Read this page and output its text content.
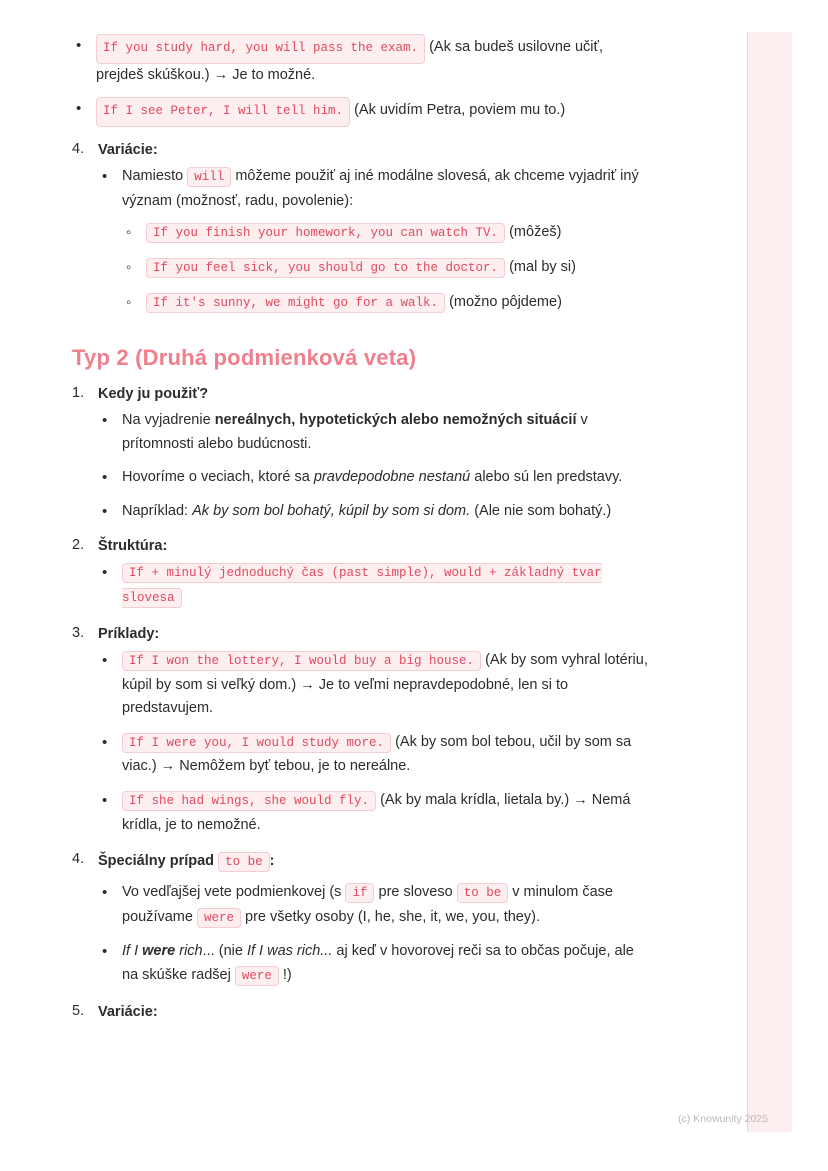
• If you study hard, you will pass the exam. (Ak sa budeš usilovne učiť, prejdeš skúškou.) → Je to možné.
• If I see Peter, I will tell him. (Ak uvidím Petra, poviem mu to.)
4. Variácie:
• Namiesto will môžeme použiť aj iné modálne slovesá, ak chceme vyjadriť iný význam (možnosť, radu, povolenie):
◦ If you finish your homework, you can watch TV. (môžeš)
◦ If you feel sick, you should go to the doctor. (mal by si)
◦ If it's sunny, we might go for a walk. (možno pôjdeme)
Typ 2 (Druhá podmienková veta)
1. Kedy ju použiť?
• Na vyjadrenie nereálnych, hypotetických alebo nemožných situácií v prítomnosti alebo budúcnosti.
• Hovoríme o veciach, ktoré sa pravdepodobne nestanú alebo sú len predstavy.
• Napríklad: Ak by som bol bohatý, kúpil by som si dom. (Ale nie som bohatý.)
2. Štruktúra:
• If + minulý jednoduchý čas (past simple), would + základný tvar slovesa
3. Príklady:
• If I won the lottery, I would buy a big house. (Ak by som vyhral lotériu, kúpil by som si veľký dom.) → Je to veľmi nepravdepodobné, len si to predstavujem.
• If I were you, I would study more. (Ak by som bol tebou, učil by som sa viac.) → Nemôžem byť tebou, je to nereálne.
• If she had wings, she would fly. (Ak by mala krídla, lietala by.) → Nemá krídla, je to nemožné.
4. Špeciálny prípad to be :
• Vo vedľajšej vete podmienkovej (s if pre sloveso to be v minulom čase používame were pre všetky osoby (I, he, she, it, we, you, they).
• If I were rich... (nie If I was rich... aj keď v hovorovej reči sa to občas počuje, ale na skúške radšej were !)
5. Variácie:
(c) Knowunity 2025
